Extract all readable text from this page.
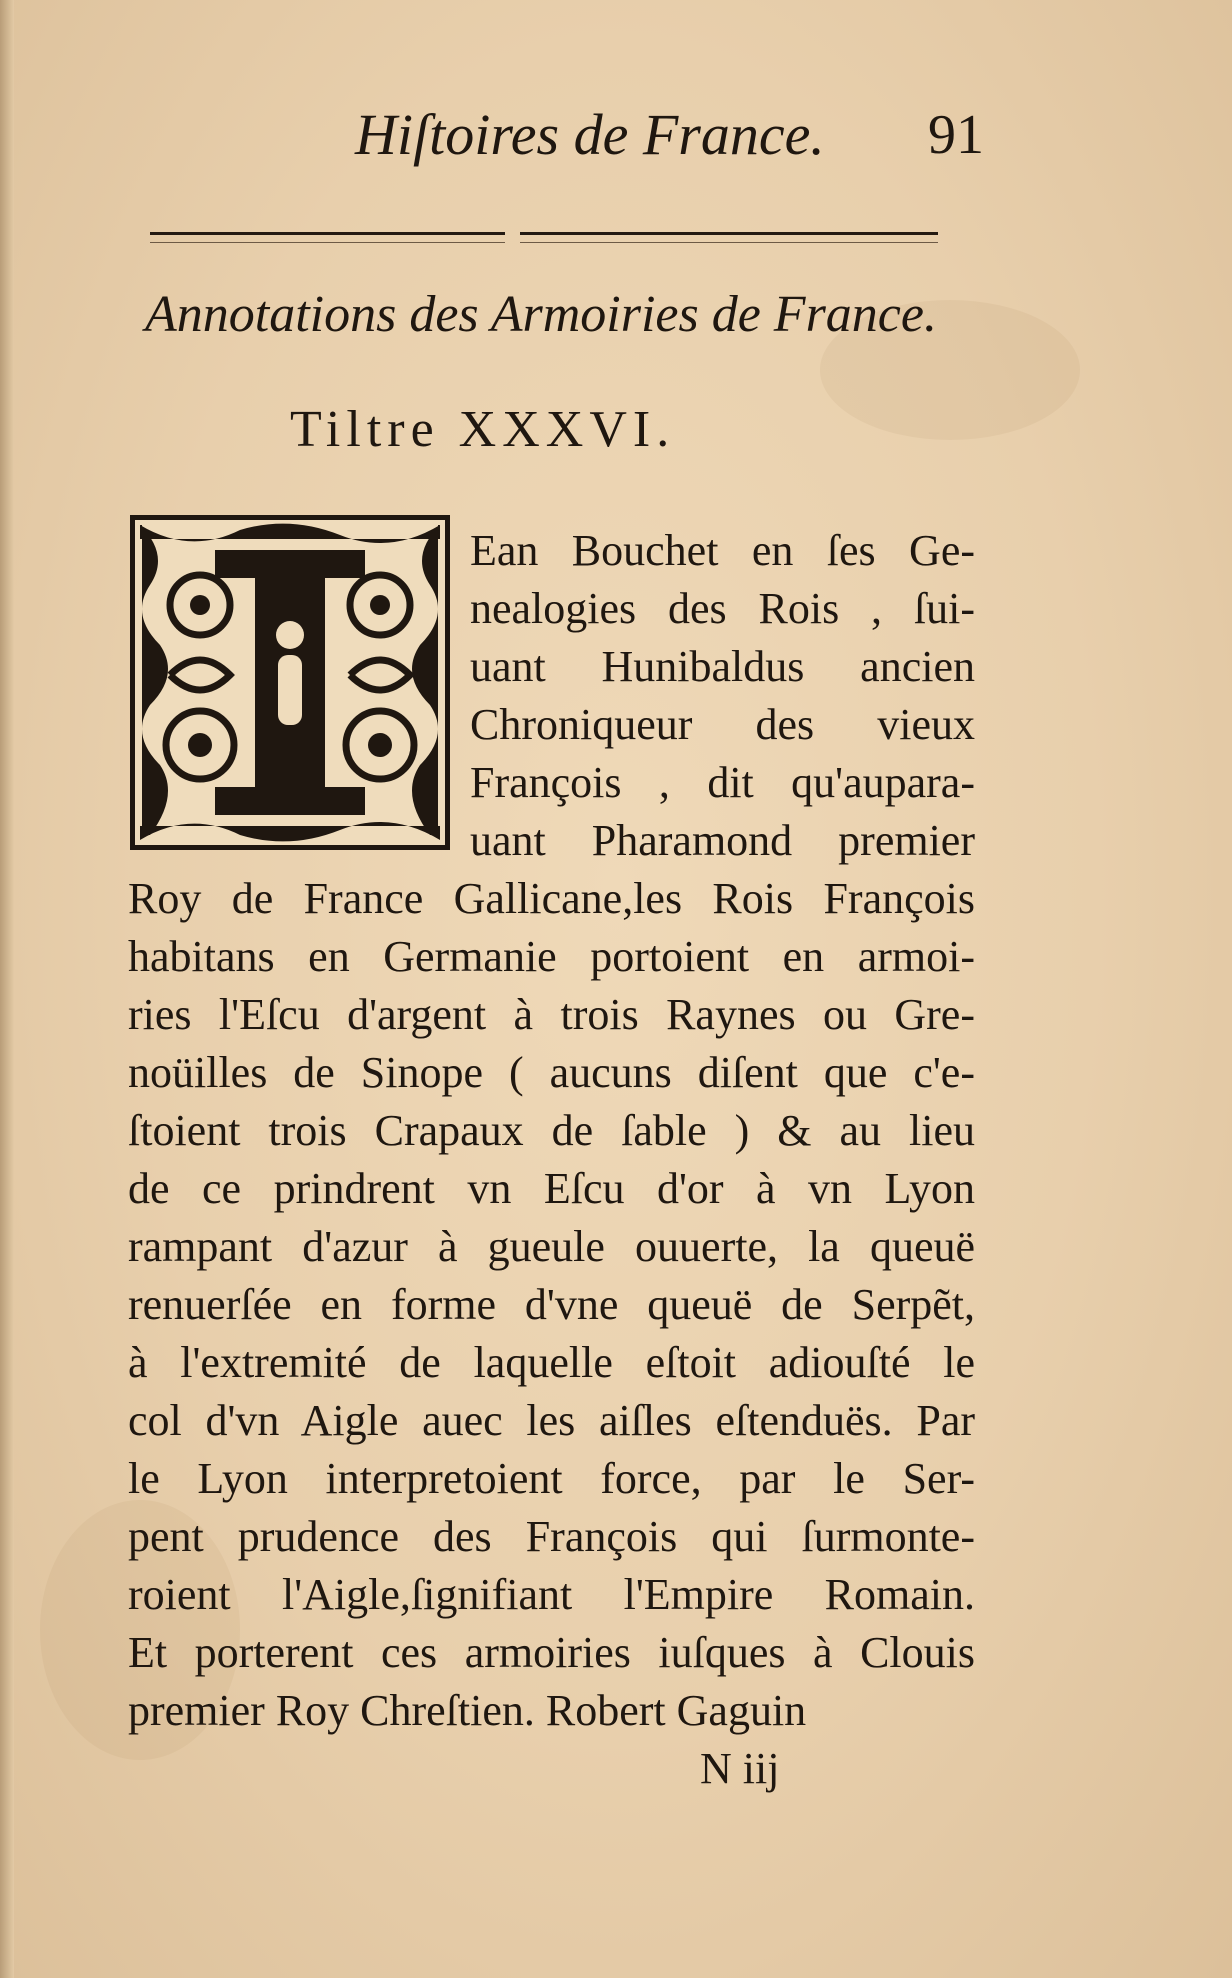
Hiſtoires de France. 91
Annotations des Armoiries de France.
Tiltre XXXVI.
Ean Bouchet en ſes Ge-
nealogies des Rois , ſui-
uant Hunibaldus ancien
Chroniqueur des vieux
François , dit qu'aupara-
uant Pharamond premier
Roy de France Gallicane,les Rois François
habitans en Germanie portoient en armoi-
ries l'Eſcu d'argent à trois Raynes ou Gre-
noüilles de Sinope ( aucuns diſent que c'e-
ſtoient trois Crapaux de ſable ) & au lieu
de ce prindrent vn Eſcu d'or à vn Lyon
rampant d'azur à gueule ouuerte, la queuë
renuerſée en forme d'vne queuë de Serpẽt,
à l'extremité de laquelle eſtoit adiouſté le
col d'vn Aigle auec les aiſles eſtenduës. Par
le Lyon interpretoient force, par le Ser-
pent prudence des François qui ſurmonte-
roient l'Aigle,ſignifiant l'Empire Romain.
Et porterent ces armoiries iuſques à Clouis
premier Roy Chreſtien. Robert Gaguin
N iij
